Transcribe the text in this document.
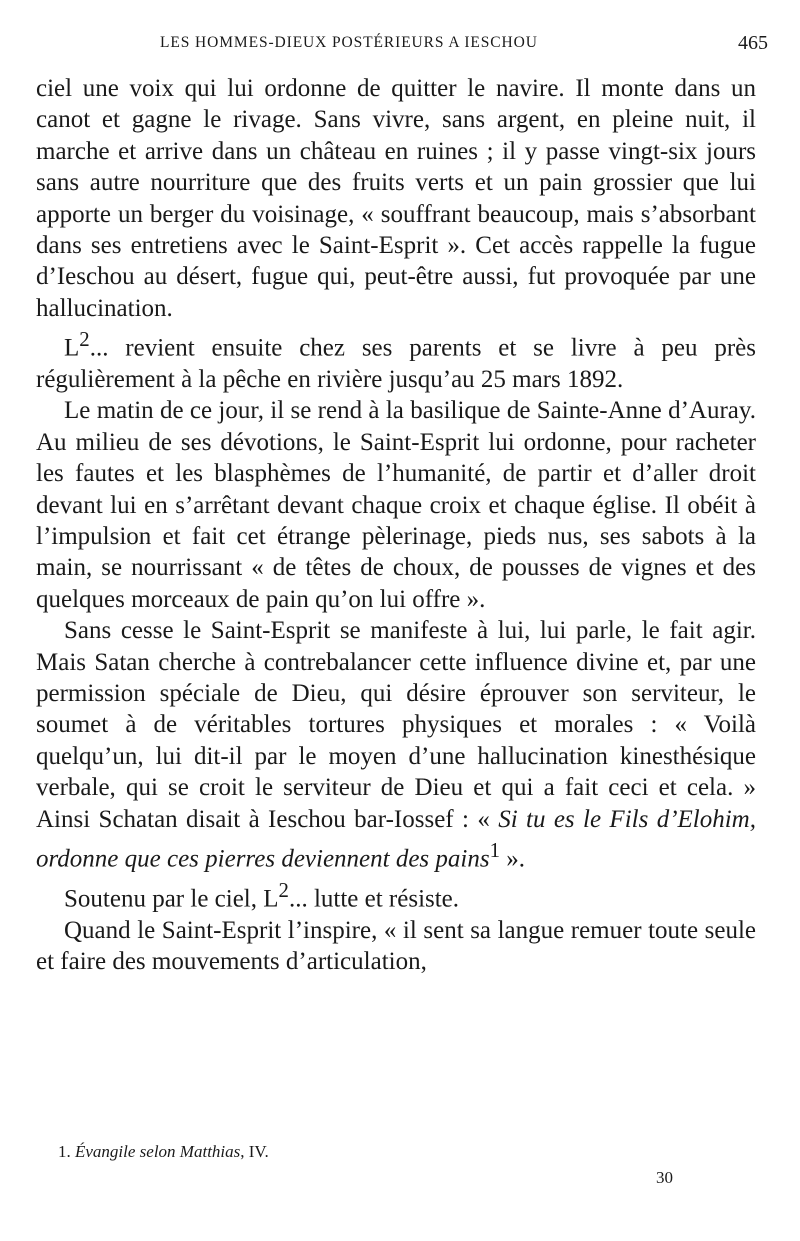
LES HOMMES-DIEUX POSTÉRIEURS A IESCHOU	465

ciel une voix qui lui ordonne de quitter le navire. Il monte dans un canot et gagne le rivage. Sans vivre, sans argent, en pleine nuit, il marche et arrive dans un château en ruines ; il y passe vingt-six jours sans autre nourriture que des fruits verts et un pain grossier que lui apporte un berger du voisinage, « souffrant beaucoup, mais s’absorbant dans ses entretiens avec le Saint-Esprit ». Cet accès rappelle la fugue d’Ieschou au désert, fugue qui, peut-être aussi, fut provoquée par une hallucination.

$L^2$... revient ensuite chez ses parents et se livre à peu près régulièrement à la pêche en rivière jusqu’au 25 mars 1892.

Le matin de ce jour, il se rend à la basilique de Sainte-Anne d’Auray. Au milieu de ses dévotions, le Saint-Esprit lui ordonne, pour racheter les fautes et les blasphèmes de l’humanité, de partir et d’aller droit devant lui en s’arrêtant devant chaque croix et chaque église. Il obéit à l’impulsion et fait cet étrange pèlerinage, pieds nus, ses sabots à la main, se nourrissant « de têtes de choux, de pousses de vignes et des quelques morceaux de pain qu’on lui offre ».

Sans cesse le Saint-Esprit se manifeste à lui, lui parle, le fait agir. Mais Satan cherche à contrebalancer cette influence divine et, par une permission spéciale de Dieu, qui désire éprouver son serviteur, le soumet à de véritables tortures physiques et morales : « Voilà quelqu’un, lui dit-il par le moyen d’une hallucination kinesthésique verbale, qui se croit le serviteur de Dieu et qui a fait ceci et cela. » Ainsi Schatan disait à Ieschou bar-Iossef : « Si tu es le Fils d’Elohim, ordonne que ces pierres deviennent des pains$^1$ ».

Soutenu par le ciel, $L^2$... lutte et résiste.

Quand le Saint-Esprit l’inspire, « il sent sa langue remuer toute seule et faire des mouvements d’articulation,

1. Évangile selon Matthias, IV.
30
